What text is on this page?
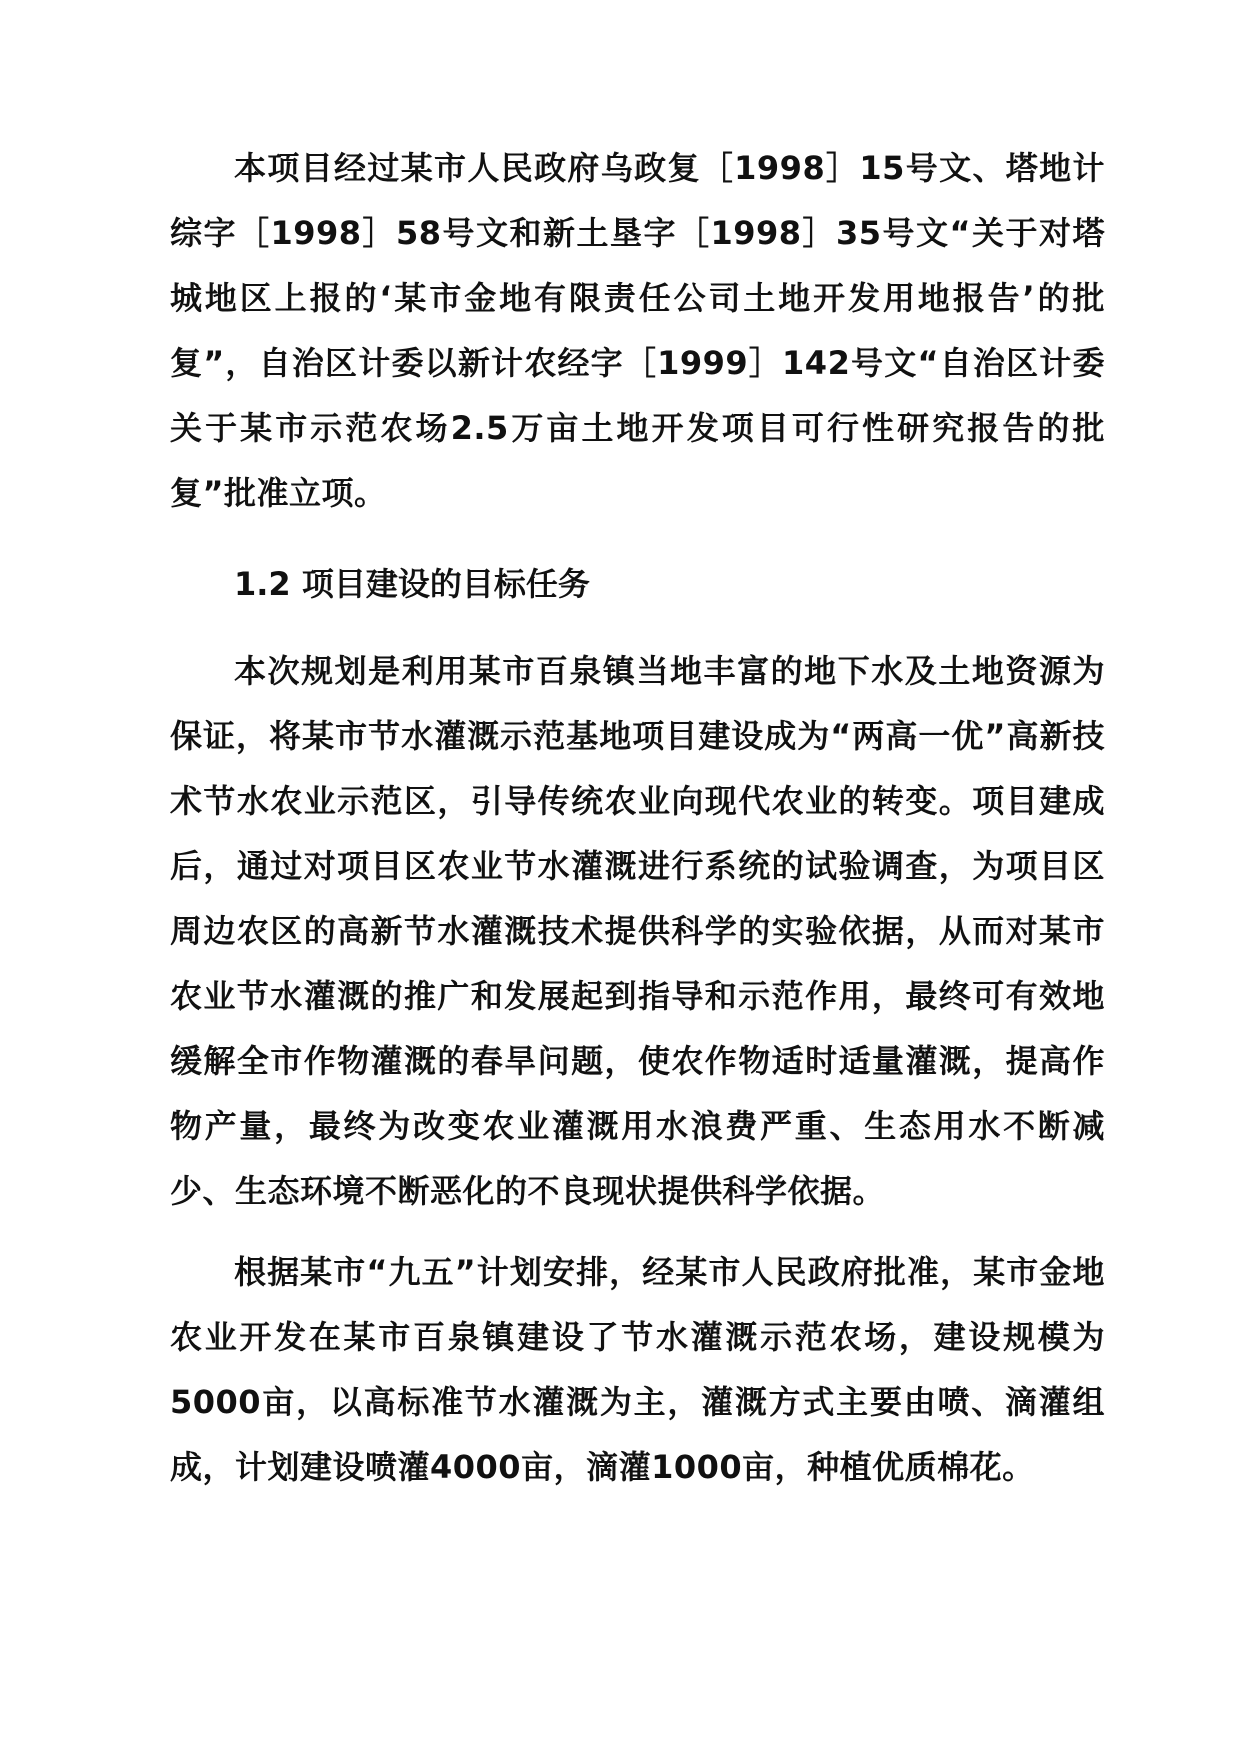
本项目经过某市人民政府乌政复［1998］15号文、塔地计综字［1998］58号文和新土垦字［1998］35号文“关于对塔城地区上报的‘某市金地有限责任公司土地开发用地报告’的批复”，自治区计委以新计农经字［1999］142号文“自治区计委关于某市示范农场2.5万亩土地开发项目可行性研究报告的批复”批准立项。

1.2 项目建设的目标任务

本次规划是利用某市百泉镇当地丰富的地下水及土地资源为保证，将某市节水灌溉示范基地项目建设成为“两高一优”高新技术节水农业示范区，引导传统农业向现代农业的转变。项目建成后，通过对项目区农业节水灌溉进行系统的试验调查，为项目区周边农区的高新节水灌溉技术提供科学的实验依据，从而对某市农业节水灌溉的推广和发展起到指导和示范作用，最终可有效地缓解全市作物灌溉的春旱问题，使农作物适时适量灌溉，提高作物产量，最终为改变农业灌溉用水浪费严重、生态用水不断减少、生态环境不断恶化的不良现状提供科学依据。

根据某市“九五”计划安排，经某市人民政府批准，某市金地农业开发在某市百泉镇建设了节水灌溉示范农场，建设规模为5000亩，以高标准节水灌溉为主，灌溉方式主要由喷、滴灌组成，计划建设喷灌4000亩，滴灌1000亩，种植优质棉花。
